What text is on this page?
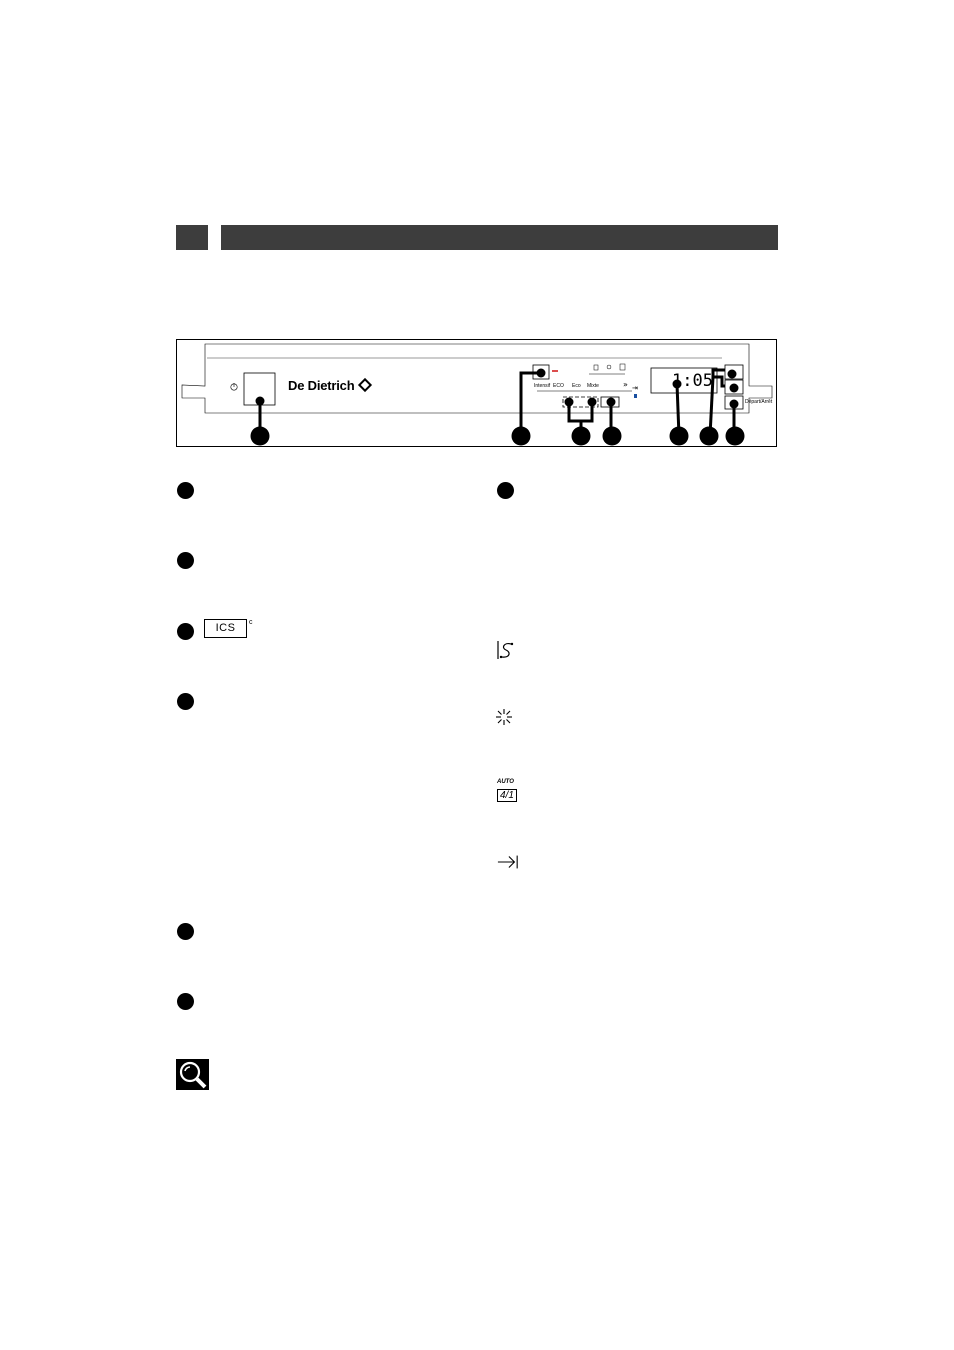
⇥
»
De Dietrich	Intensif ECO Eco Mixte	1:05
Départ/Arrêt
ICS	c
AUTO
4/1
